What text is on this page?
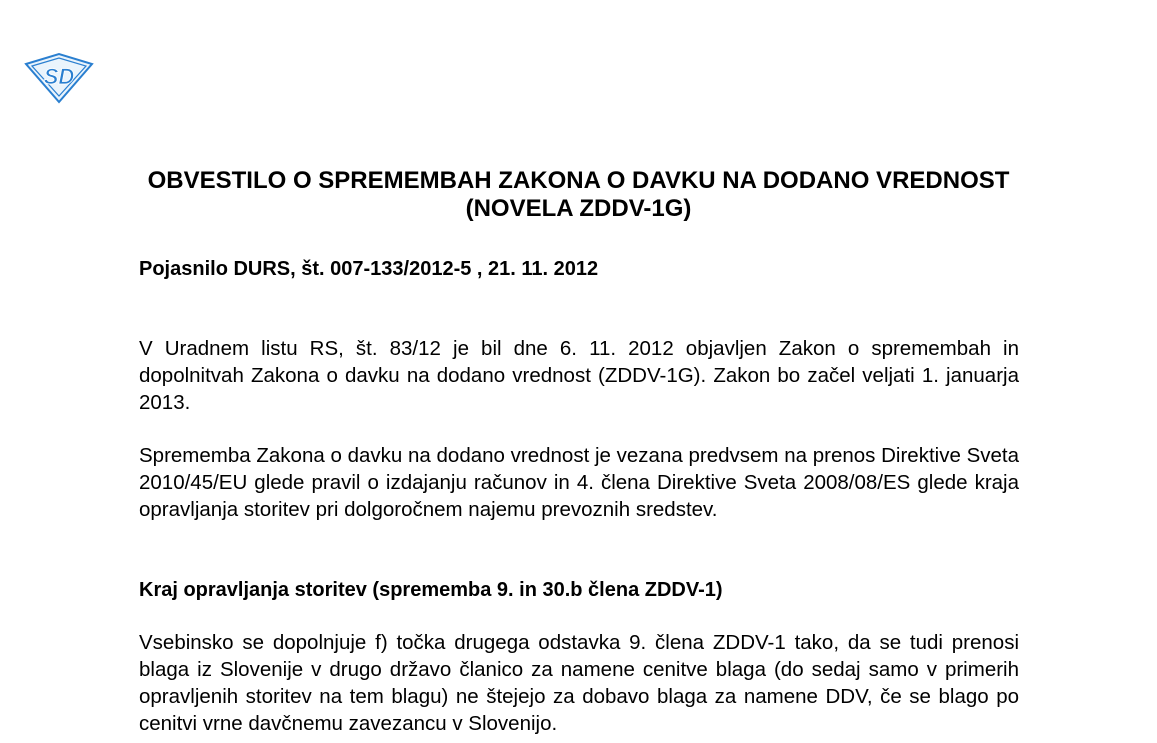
SD
OBVESTILO O SPREMEMBAH ZAKONA O DAVKU NA DODANO VREDNOST (NOVELA ZDDV-1G)
Pojasnilo DURS, št. 007-133/2012-5 , 21. 11. 2012
V Uradnem listu RS, št. 83/12 je bil dne 6. 11. 2012 objavljen Zakon o spremembah in dopolnitvah Zakona o davku na dodano vrednost (ZDDV-1G). Zakon bo začel veljati 1. januarja 2013.
Sprememba Zakona o davku na dodano vrednost je vezana predvsem na prenos Direktive Sveta 2010/45/EU glede pravil o izdajanju računov in 4. člena Direktive Sveta 2008/08/ES glede kraja opravljanja storitev pri dolgoročnem najemu prevoznih sredstev.
Kraj opravljanja storitev (sprememba 9. in 30.b člena ZDDV-1)
Vsebinsko se dopolnjuje f) točka drugega odstavka 9. člena ZDDV-1 tako, da se tudi prenosi blaga iz Slovenije v drugo državo članico za namene cenitve blaga (do sedaj samo v primerih opravljenih storitev na tem blagu) ne štejejo za dobavo blaga za namene DDV, če se blago po cenitvi vrne davčnemu zavezancu v Slovenijo.
